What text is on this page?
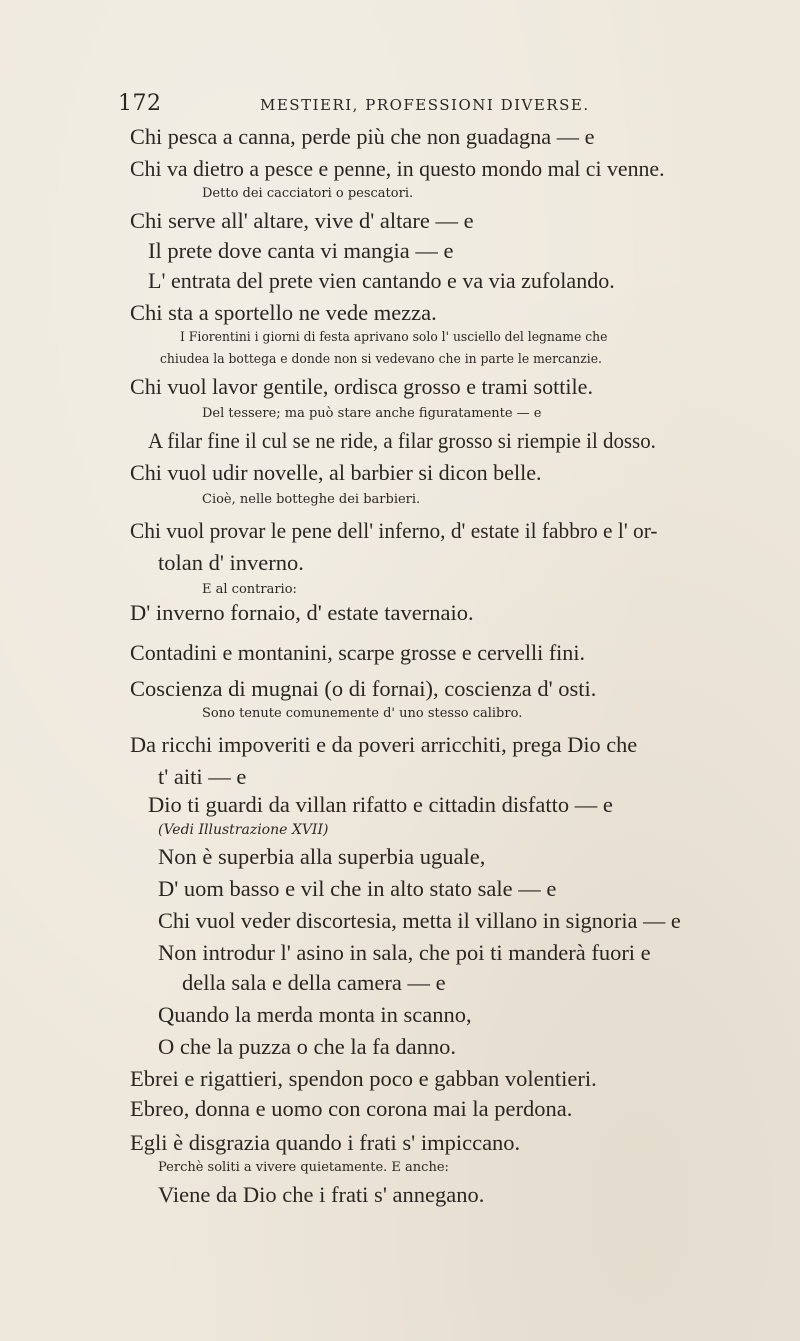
172	MESTIERI, PROFESSIONI DIVERSE.
Chi pesca a canna, perde più che non guadagna — e
Chi va dietro a pesce e penne, in questo mondo mal ci venne.
Detto dei cacciatori o pescatori.
Chi serve all' altare, vive d' altare — e
Il prete dove canta vi mangia — e
L' entrata del prete vien cantando e va via zufolando.
Chi sta a sportello ne vede mezza.
I Fiorentini i giorni di festa aprivano solo l' usciello del legname che
chiudea la bottega e donde non si vedevano che in parte le mercanzie.
Chi vuol lavor gentile, ordisca grosso e trami sottile.
Del tessere; ma può stare anche figuratamente — e
A filar fine il cul se ne ride, a filar grosso si riempie il dosso.
Chi vuol udir novelle, al barbier si dicon belle.
Cioè, nelle botteghe dei barbieri.
Chi vuol provar le pene dell' inferno, d' estate il fabbro e l' or-
tolan d' inverno.
E al contrario:
D' inverno fornaio, d' estate tavernaio.
Contadini e montanini, scarpe grosse e cervelli fini.
Coscienza di mugnai (o di fornai), coscienza d' osti.
Sono tenute comunemente d' uno stesso calibro.
Da ricchi impoveriti e da poveri arricchiti, prega Dio che
t' aiti — e
Dio ti guardi da villan rifatto e cittadin disfatto — e
(Vedi Illustrazione XVII)
Non è superbia alla superbia uguale,
D' uom basso e vil che in alto stato sale — e
Chi vuol veder discortesia, metta il villano in signoria — e
Non introdur l' asino in sala, che poi ti manderà fuori e
della sala e della camera — e
Quando la merda monta in scanno,
O che la puzza o che la fa danno.
Ebrei e rigattieri, spendon poco e gabban volentieri.
Ebreo, donna e uomo con corona mai la perdona.
Egli è disgrazia quando i frati s' impiccano.
Perchè soliti a vivere quietamente. E anche:
Viene da Dio che i frati s' annegano.
